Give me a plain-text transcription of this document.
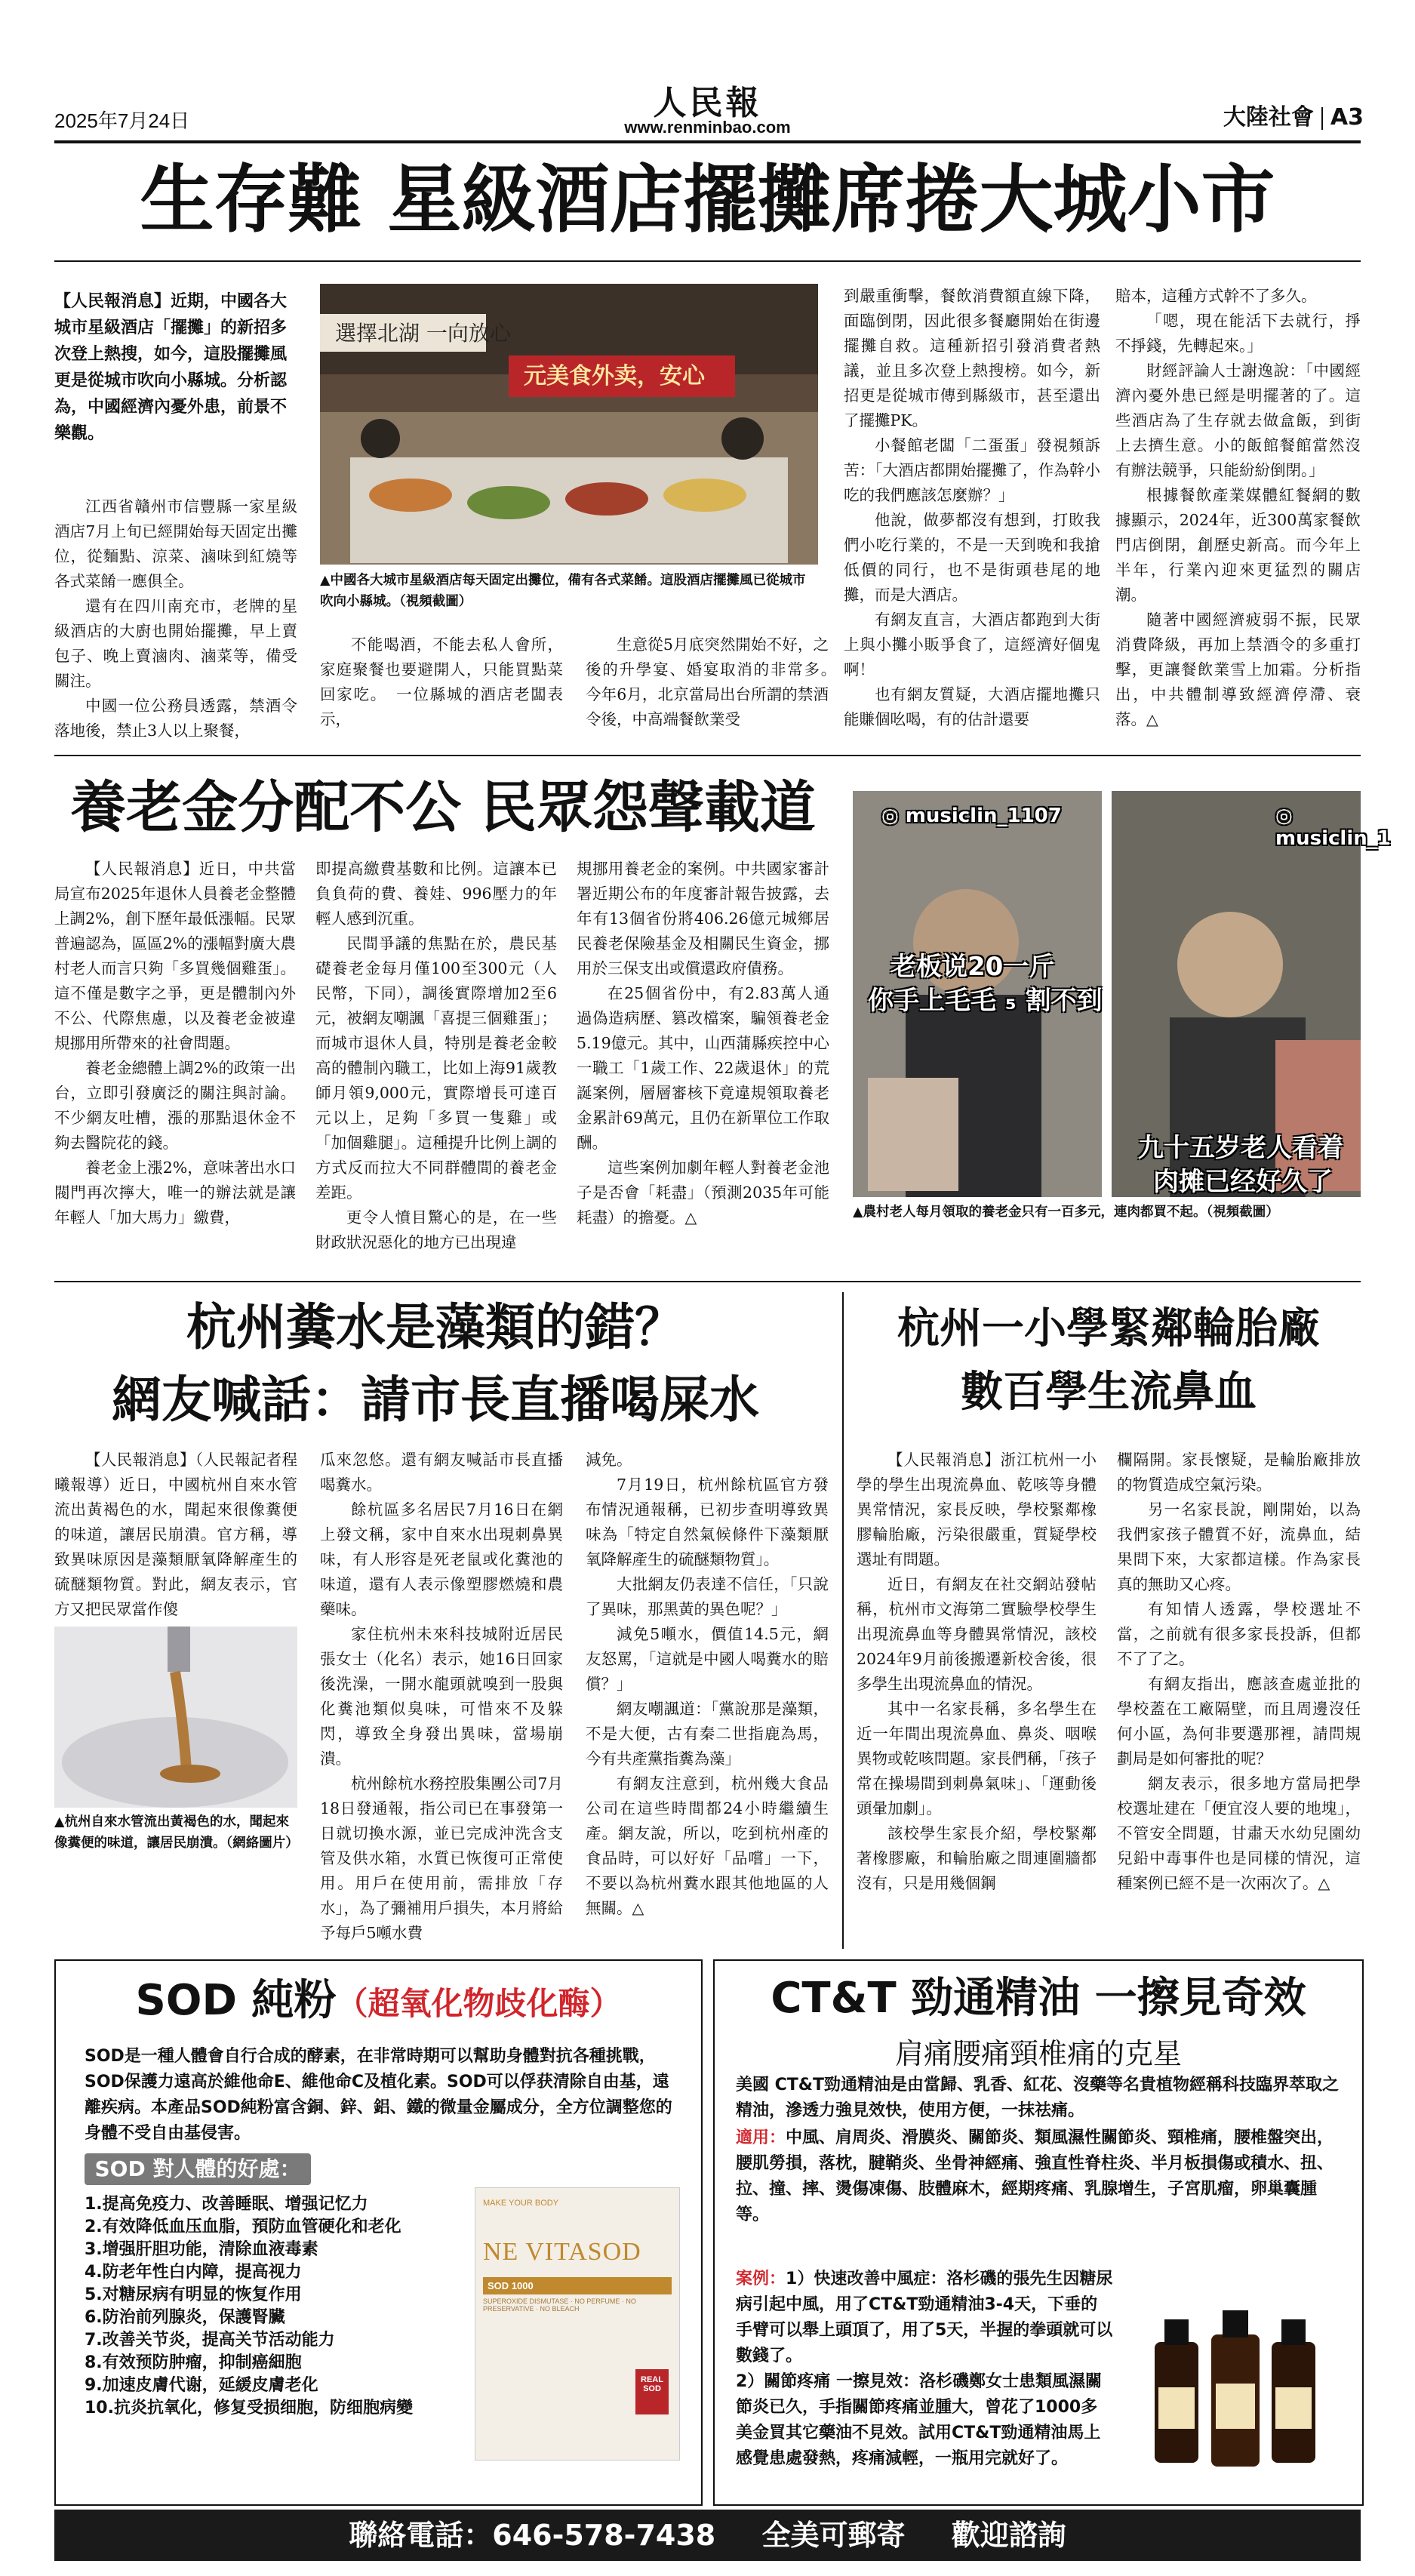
2025年7月24日	人民報
www.renminbao.com	大陸社會 A3
生存難 星級酒店擺攤席捲大城小市
【人民報消息】近期，中國各大城市星級酒店「擺攤」的新招多次登上熱搜，如今，這股擺攤風更是從城市吹向小縣城。分析認為，中國經濟內憂外患，前景不樂觀。
選擇北湖 一向放心
元美食外卖，安心
▲中國各大城市星級酒店每天固定出攤位，備有各式菜餚。這股酒店擺攤風已從城市吹向小縣城。（視頻截圖）

江西省贛州市信豐縣一家星級酒店7月上旬已經開始每天固定出攤位，從麵點、涼菜、滷味到紅燒等各式菜餚一應俱全。

還有在四川南充市，老牌的星級酒店的大廚也開始擺攤，早上賣包子、晚上賣滷肉、滷菜等，備受關注。

中國一位公務員透露，禁酒令落地後，禁止3人以上聚餐，

不能喝酒，不能去私人會所，家庭聚餐也要避開人，只能買點菜回家吃。　一位縣城的酒店老闆表示，

生意從5月底突然開始不好，之後的升學宴、婚宴取消的非常多。　今年6月，北京當局出台所謂的禁酒令後，中高端餐飲業受

到嚴重衝擊，餐飲消費額直線下降，面臨倒閉，因此很多餐廳開始在街邊擺攤自救。這種新招引發消費者熱議，並且多次登上熱搜榜。如今，新招更是從城市傳到縣級市，甚至還出了擺攤PK。

小餐館老闆「二蛋蛋」發視頻訴苦：「大酒店都開始擺攤了，作為幹小吃的我們應該怎麼辦？」

他說，做夢都沒有想到，打敗我們小吃行業的，不是一天到晚和我搶低價的同行，也不是街頭巷尾的地攤，而是大酒店。

有網友直言，大酒店都跑到大街上與小攤小販爭食了，這經濟好個鬼啊！

也有網友質疑，大酒店擺地攤只能賺個吆喝，有的估計還要

賠本，這種方式幹不了多久。

「嗯，現在能活下去就行，掙不掙錢，先轉起來。」

財經評論人士謝逸說：「中國經濟內憂外患已經是明擺著的了。這些酒店為了生存就去做盒飯，到街上去擠生意。小的飯館餐館當然沒有辦法競爭，只能紛紛倒閉。」

根據餐飲產業媒體紅餐網的數據顯示，2024年，近300萬家餐飲門店倒閉，創歷史新高。而今年上半年，行業內迎來更猛烈的關店潮。

隨著中國經濟疲弱不振，民眾消費降級，再加上禁酒令的多重打擊，更讓餐飲業雪上加霜。分析指出，中共體制導致經濟停滯、衰落。△

養老金分配不公 民眾怨聲載道

【人民報消息】近日，中共當局宣布2025年退休人員養老金整體上調2%，創下歷年最低漲幅。民眾普遍認為，區區2%的漲幅對廣大農村老人而言只夠「多買幾個雞蛋」。這不僅是數字之爭，更是體制內外不公、代際焦慮，以及養老金被違規挪用所帶來的社會問題。

養老金總體上調2%的政策一出台，立即引發廣泛的關注與討論。不少網友吐槽，漲的那點退休金不夠去醫院花的錢。

養老金上漲2%，意味著出水口閥門再次擰大，唯一的辦法就是讓年輕人「加大馬力」繳費，

即提高繳費基數和比例。這讓本已負負荷的費、養娃、996壓力的年輕人感到沉重。

民間爭議的焦點在於，農民基礎養老金每月僅100至300元（人民幣，下同），調後實際增加2至6元，被網友嘲諷「喜提三個雞蛋」；而城市退休人員，特別是養老金較高的體制內職工，比如上海91歲教師月領9,000元，實際增長可達百元以上，足夠「多買一隻雞」或「加個雞腿」。這種提升比例上調的方式反而拉大不同群體間的養老金差距。

更令人憤目驚心的是，在一些財政狀況惡化的地方已出現違

規挪用養老金的案例。中共國家審計署近期公布的年度審計報告披露，去年有13個省份將406.26億元城鄉居民養老保險基金及相關民生資金，挪用於三保支出或償還政府債務。

在25個省份中，有2.83萬人通過偽造病歷、篡改檔案，騙領養老金5.19億元。其中，山西蒲縣疾控中心一職工「1歲工作、22歲退休」的荒誕案例，層層審核下竟違規領取養老金累計69萬元，且仍在新單位工作取酬。

這些案例加劇年輕人對養老金池子是否會「耗盡」（預測2035年可能耗盡）的擔憂。△

◎ musiclin_1107	◎ musiclin_1
老板说20一斤
你手上毛毛 ₅ 割不到
九十五岁老人看着
肉摊已经好久了
▲農村老人每月領取的養老金只有一百多元，連肉都買不起。（視頻截圖）
杭州糞水是藻類的錯？
網友喊話：請市長直播喝屎水

【人民報消息】（人民報記者程曦報導）近日，中國杭州自來水管流出黃褐色的水，聞起來很像糞便的味道，讓居民崩潰。官方稱，導致異味原因是藻類厭氧降解產生的硫醚類物質。對此，網友表示，官方又把民眾當作傻

▲杭州自來水管流出黃褐色的水，聞起來像糞便的味道，讓居民崩潰。（網絡圖片）

瓜來忽悠。還有網友喊話市長直播喝糞水。

餘杭區多名居民7月16日在網上發文稱，家中自來水出現刺鼻異味，有人形容是死老鼠或化糞池的味道，還有人表示像塑膠燃燒和農藥味。

家住杭州未來科技城附近居民張女士（化名）表示，她16日回家後洗澡，一開水龍頭就嗅到一股與化糞池類似臭味，可惜來不及躲閃，導致全身發出異味，當場崩潰。

杭州餘杭水務控股集團公司7月18日發通報，指公司已在事發第一日就切換水源，並已完成沖洗含支管及供水箱，水質已恢復可正常使用。用戶在使用前，需排放「存水」，為了彌補用戶損失，本月將給予每戶5噸水費

減免。

7月19日，杭州餘杭區官方發布情況通報稱，已初步查明導致異味為「特定自然氣候條件下藻類厭氧降解產生的硫醚類物質」。

大批網友仍表達不信任，「只說了異味，那黑黃的異色呢？」

減免5噸水，價值14.5元，網友怒罵，「這就是中國人喝糞水的賠償？」

網友嘲諷道：「黨說那是藻類，不是大便，古有秦二世指鹿為馬，今有共產黨指糞為藻」

有網友注意到，杭州幾大食品公司在這些時間都24小時繼續生產。網友說，所以，吃到杭州產的食品時，可以好好「品嚐」一下，不要以為杭州糞水跟其他地區的人無關。△

杭州一小學緊鄰輪胎廠
數百學生流鼻血

【人民報消息】浙江杭州一小學的學生出現流鼻血、乾咳等身體異常情況，家長反映，學校緊鄰橡膠輪胎廠，污染很嚴重，質疑學校選址有問題。

近日，有網友在社交網站發帖稱，杭州市文海第二實驗學校學生出現流鼻血等身體異常情況，該校2024年9月前後搬遷新校舍後，很多學生出現流鼻血的情況。

其中一名家長稱，多名學生在近一年間出現流鼻血、鼻炎、咽喉異物或乾咳問題。家長們稱，「孩子常在操場間到刺鼻氣味」、「運動後頭暈加劇」。

該校學生家長介紹，學校緊鄰著橡膠廠，和輪胎廠之間連圍牆都沒有，只是用幾個鋼

欄隔開。家長懷疑，是輪胎廠排放的物質造成空氣污染。

另一名家長說，剛開始，以為我們家孩子體質不好，流鼻血，結果問下來，大家都這樣。作為家長真的無助又心疼。

有知情人透露，學校選址不當，之前就有很多家長投訴，但都不了了之。

有網友指出，應該查處並批的學校蓋在工廠隔壁，而且周邊沒任何小區，為何非要選那裡，請問規劃局是如何審批的呢？

網友表示，很多地方當局把學校選址建在「便宜沒人要的地塊」，不管安全問題，甘肅天水幼兒園幼兒鉛中毒事件也是同樣的情況，這種案例已經不是一次兩次了。△

SOD 純粉（超氧化物歧化酶）
SOD是一種人體會自行合成的酵素，在非常時期可以幫助身體對抗各種挑戰，SOD保護力遠高於維他命E、維他命C及植化素。SOD可以俘获清除自由基，遠離疾病。本產品SOD純粉富含銅、鋅、鋁、鐵的微量金屬成分，全方位調整您的身體不受自由基侵害。
SOD 對人體的好處：
1.提高免疫力、改善睡眠、增强记忆力
2.有效降低血压血脂，預防血管硬化和老化
3.增强肝胆功能，清除血液毒素
4.防老年性白内障，提高视力
5.对糖尿病有明显的恢复作用
6.防治前列腺炎，保護腎臟
7.改善关节炎，提高关节活动能力
8.有效预防肿瘤，抑制癌細胞
9.加速皮膚代谢，延緩皮膚老化
10.抗炎抗氧化，修复受损细胞，防细胞病變
MAKE YOUR BODY
NE VITASOD
SOD 1000
SUPEROXIDE DISMUTASE · NO PERFUME · NO PRESERVATIVE · NO BLEACH
REAL SOD
CT&T 勁通精油 一擦見奇效
肩痛腰痛頸椎痛的克星
美國 CT&T勁通精油是由當歸、乳香、紅花、沒藥等名貴植物經稱科技臨界萃取之精油，滲透力強見效快，使用方便，一抹祛痛。
適用：中風、肩周炎、滑膜炎、關節炎、類風濕性關節炎、頸椎痛，腰椎盤突出，腰肌勞損，落枕，腱鞘炎、坐骨神經痛、強直性脊柱炎、半月板損傷或積水、扭、拉、撞、摔、燙傷凍傷、肢體麻木，經期疼痛、乳腺增生，子宮肌瘤，卵巢囊腫等。
案例：1）快速改善中風症：洛杉磯的張先生因糖尿病引起中風，用了CT&T勁通精油3-4天，下垂的手臂可以舉上頭頂了，用了5天，半握的拳頭就可以數錢了。
2）關節疼痛 一擦見效：洛杉磯鄭女士患類風濕關節炎已久，手指關節疼痛並腫大，曾花了1000多美金買其它藥油不見效。試用CT&T勁通精油馬上感覺患處發熱，疼痛減輕，一瓶用完就好了。
聯絡電話：646-578-7438 全美可郵寄 歡迎諮詢
